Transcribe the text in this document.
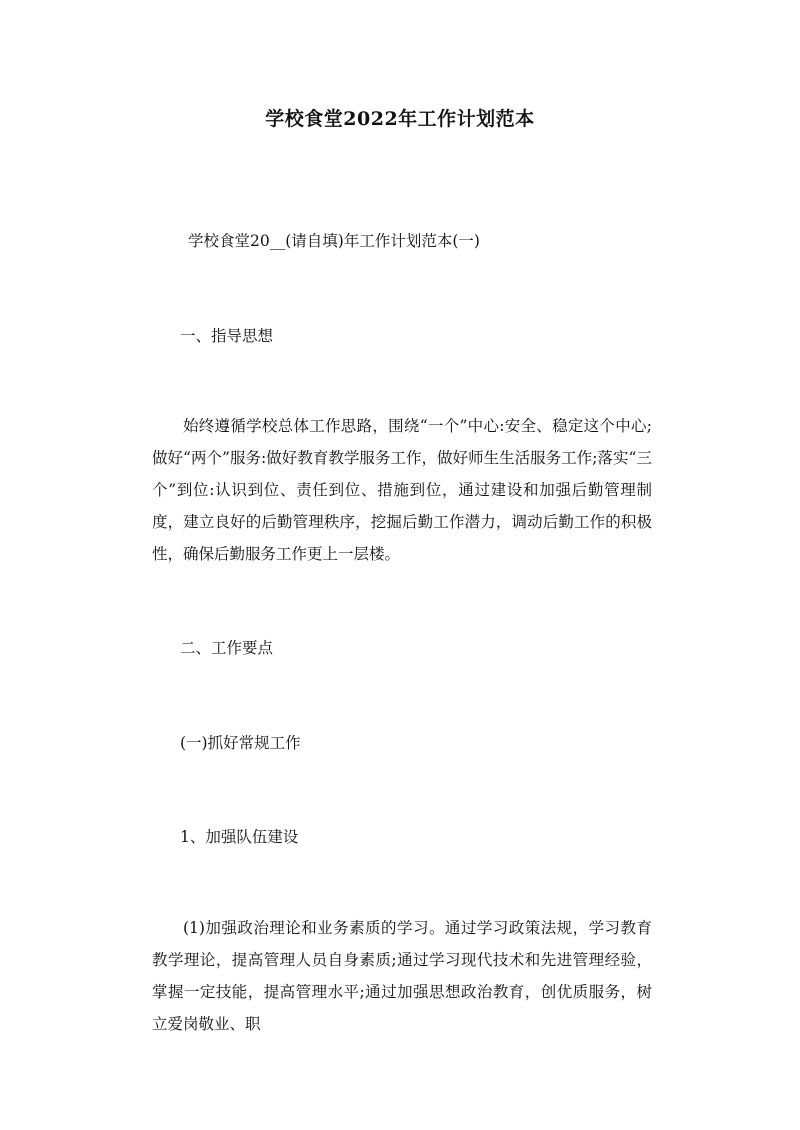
学校食堂2022年工作计划范本
学校食堂20__(请自填)年工作计划范本(一)
一、指导思想
始终遵循学校总体工作思路，围绕“一个”中心:安全、稳定这个中心;做好“两个”服务:做好教育教学服务工作，做好师生生活服务工作;落实“三个”到位:认识到位、责任到位、措施到位，通过建设和加强后勤管理制度，建立良好的后勤管理秩序，挖掘后勤工作潜力，调动后勤工作的积极性，确保后勤服务工作更上一层楼。
二、工作要点
(一)抓好常规工作
1、加强队伍建设
(1)加强政治理论和业务素质的学习。通过学习政策法规，学习教育教学理论，提高管理人员自身素质;通过学习现代技术和先进管理经验，掌握一定技能，提高管理水平;通过加强思想政治教育，创优质服务，树立爱岗敬业、职
